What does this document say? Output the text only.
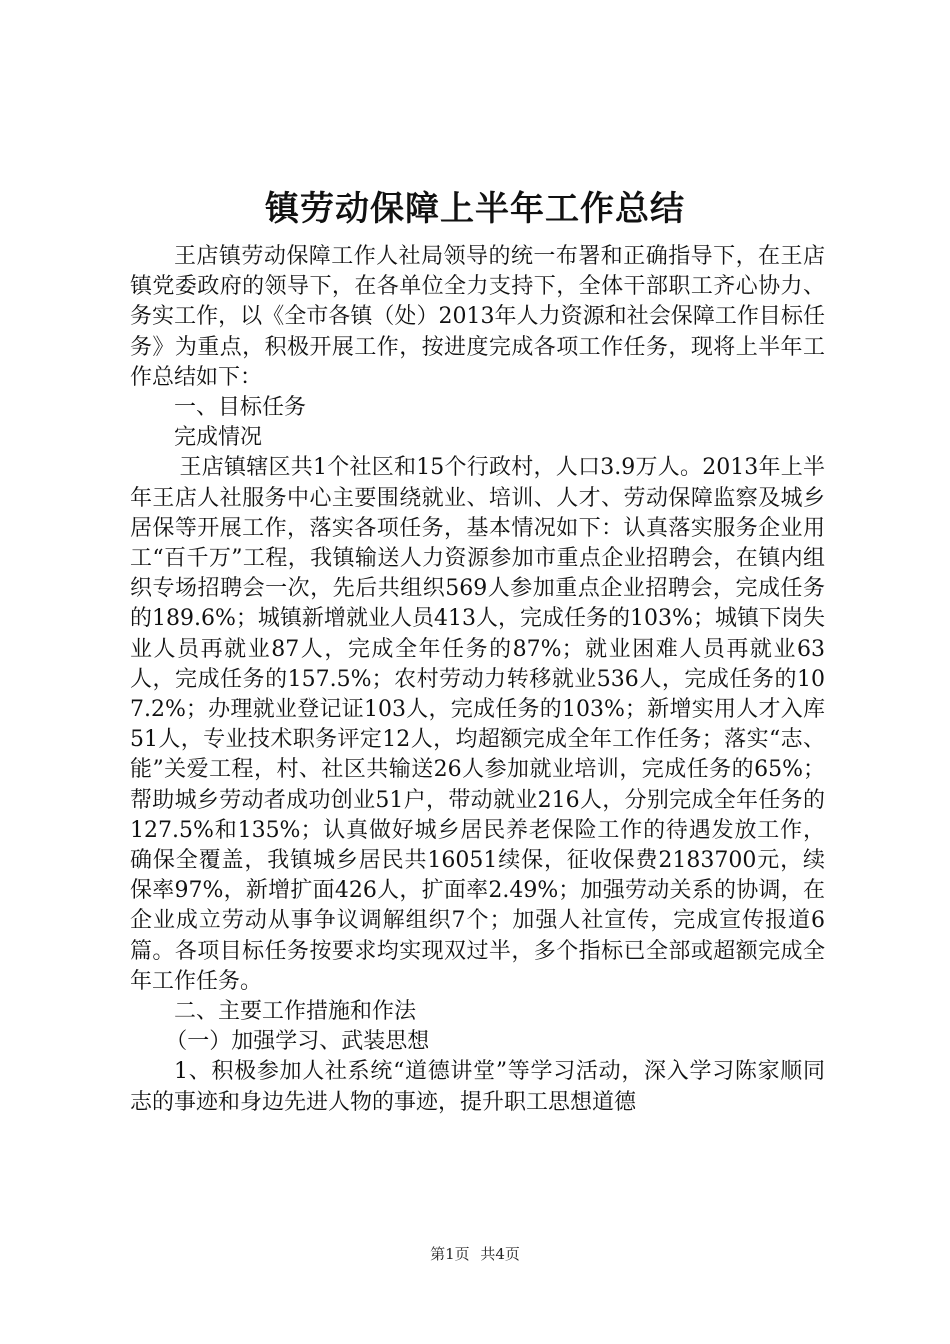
镇劳动保障上半年工作总结

王店镇劳动保障工作人社局领导的统一布署和正确指导下，在王店镇党委政府的领导下，在各单位全力支持下，全体干部职工齐心协力、务实工作，以《全市各镇（处）2013年人力资源和社会保障工作目标任务》为重点，积极开展工作，按进度完成各项工作任务，现将上半年工作总结如下：

一、目标任务

完成情况

王店镇辖区共1个社区和15个行政村，人口3.9万人。2013年上半年王店人社服务中心主要围绕就业、培训、人才、劳动保障监察及城乡居保等开展工作，落实各项任务，基本情况如下：认真落实服务企业用工“百千万”工程，我镇输送人力资源参加市重点企业招聘会，在镇内组织专场招聘会一次，先后共组织569人参加重点企业招聘会，完成任务的189.6%；城镇新增就业人员413人，完成任务的103%；城镇下岗失业人员再就业87人，完成全年任务的87%；就业困难人员再就业63人，完成任务的157.5%；农村劳动力转移就业536人，完成任务的107.2%；办理就业登记证103人，完成任务的103%；新增实用人才入库51人，专业技术职务评定12人，均超额完成全年工作任务；落实“志、能”关爱工程，村、社区共输送26人参加就业培训，完成任务的65%；帮助城乡劳动者成功创业51户，带动就业216人，分别完成全年任务的127.5%和135%；认真做好城乡居民养老保险工作的待遇发放工作，确保全覆盖，我镇城乡居民共16051续保，征收保费2183700元，续保率97%，新增扩面426人，扩面率2.49%；加强劳动关系的协调，在企业成立劳动从事争议调解组织7个；加强人社宣传，完成宣传报道6篇。各项目标任务按要求均实现双过半，多个指标已全部或超额完成全年工作任务。

二、主要工作措施和作法

（一）加强学习、武装思想

1、积极参加人社系统“道德讲堂”等学习活动，深入学习陈家顺同志的事迹和身边先进人物的事迹，提升职工思想道德

第1页 共4页
